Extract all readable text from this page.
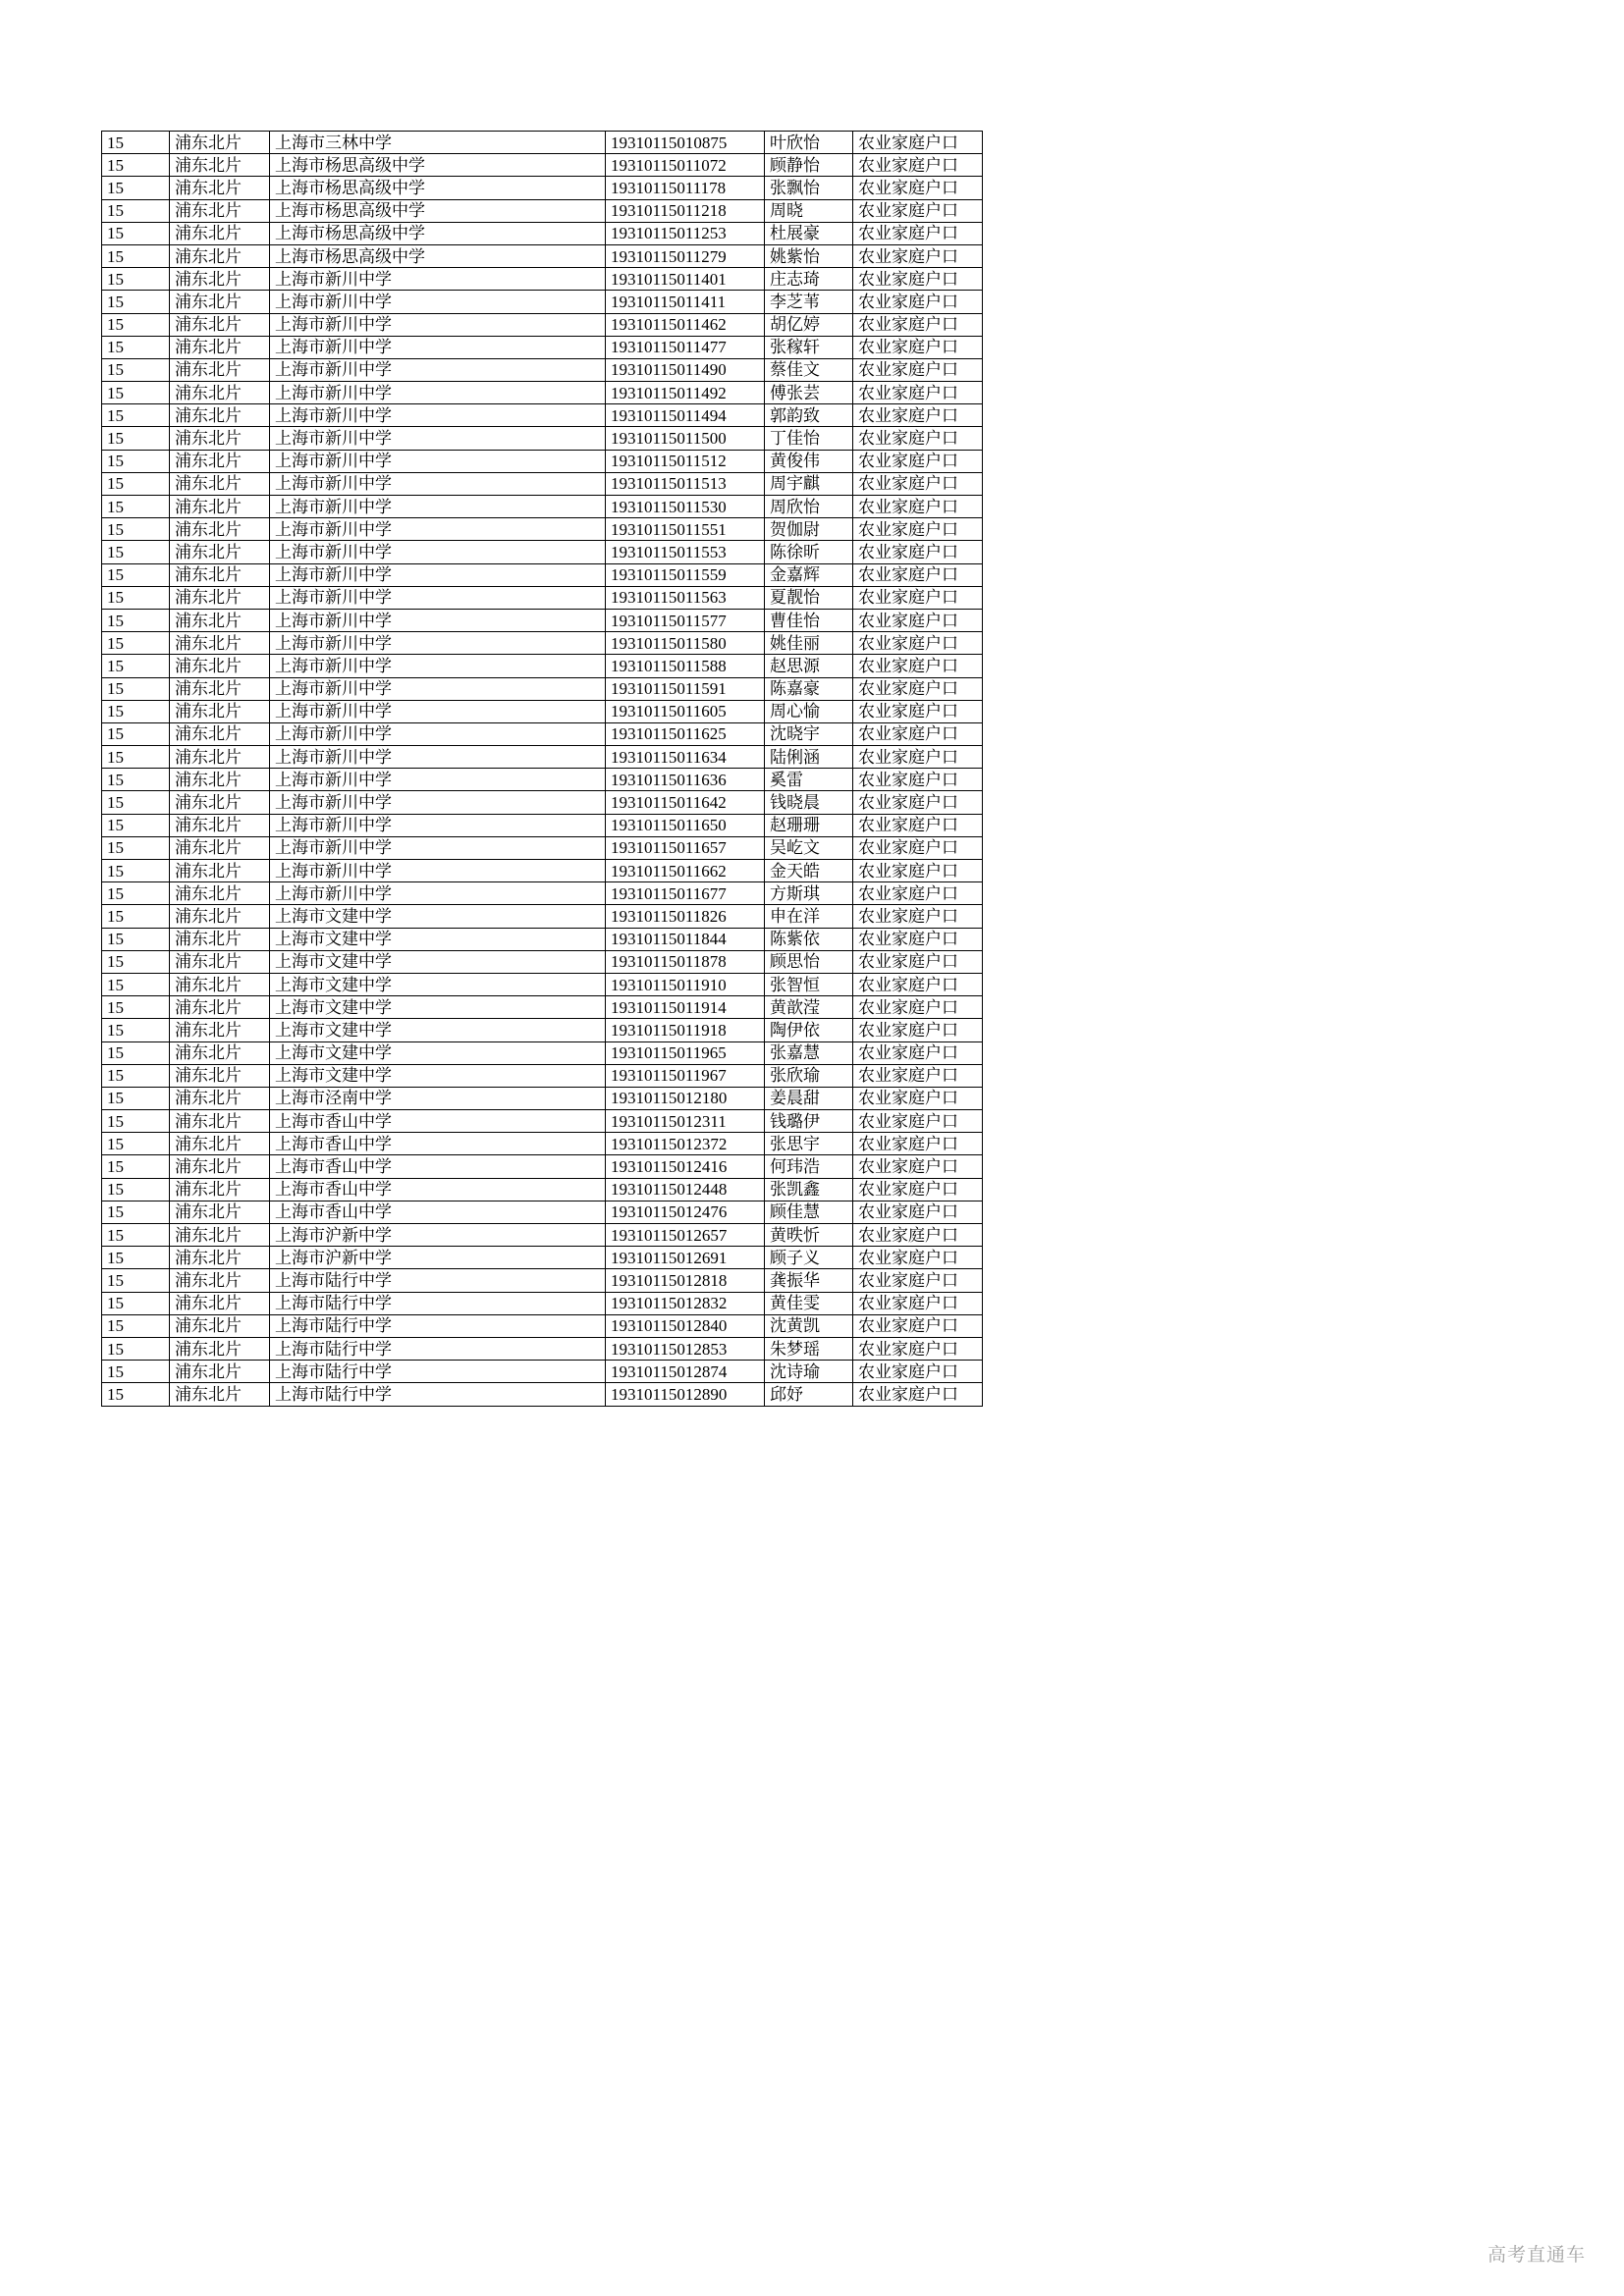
15	浦东北片	上海市三林中学	19310115010875	叶欣怡	农业家庭户口
15	浦东北片	上海市杨思高级中学	19310115011072	顾静怡	农业家庭户口
15	浦东北片	上海市杨思高级中学	19310115011178	张飘怡	农业家庭户口
15	浦东北片	上海市杨思高级中学	19310115011218	周晓	农业家庭户口
15	浦东北片	上海市杨思高级中学	19310115011253	杜展豪	农业家庭户口
15	浦东北片	上海市杨思高级中学	19310115011279	姚紫怡	农业家庭户口
15	浦东北片	上海市新川中学	19310115011401	庄志琦	农业家庭户口
15	浦东北片	上海市新川中学	19310115011411	李芝苇	农业家庭户口
15	浦东北片	上海市新川中学	19310115011462	胡亿婷	农业家庭户口
15	浦东北片	上海市新川中学	19310115011477	张稼轩	农业家庭户口
15	浦东北片	上海市新川中学	19310115011490	蔡佳文	农业家庭户口
15	浦东北片	上海市新川中学	19310115011492	傅张芸	农业家庭户口
15	浦东北片	上海市新川中学	19310115011494	郭韵致	农业家庭户口
15	浦东北片	上海市新川中学	19310115011500	丁佳怡	农业家庭户口
15	浦东北片	上海市新川中学	19310115011512	黄俊伟	农业家庭户口
15	浦东北片	上海市新川中学	19310115011513	周宇麒	农业家庭户口
15	浦东北片	上海市新川中学	19310115011530	周欣怡	农业家庭户口
15	浦东北片	上海市新川中学	19310115011551	贺伽尉	农业家庭户口
15	浦东北片	上海市新川中学	19310115011553	陈徐昕	农业家庭户口
15	浦东北片	上海市新川中学	19310115011559	金嘉辉	农业家庭户口
15	浦东北片	上海市新川中学	19310115011563	夏靓怡	农业家庭户口
15	浦东北片	上海市新川中学	19310115011577	曹佳怡	农业家庭户口
15	浦东北片	上海市新川中学	19310115011580	姚佳丽	农业家庭户口
15	浦东北片	上海市新川中学	19310115011588	赵思源	农业家庭户口
15	浦东北片	上海市新川中学	19310115011591	陈嘉豪	农业家庭户口
15	浦东北片	上海市新川中学	19310115011605	周心愉	农业家庭户口
15	浦东北片	上海市新川中学	19310115011625	沈晓宇	农业家庭户口
15	浦东北片	上海市新川中学	19310115011634	陆俐涵	农业家庭户口
15	浦东北片	上海市新川中学	19310115011636	奚雷	农业家庭户口
15	浦东北片	上海市新川中学	19310115011642	钱晓晨	农业家庭户口
15	浦东北片	上海市新川中学	19310115011650	赵珊珊	农业家庭户口
15	浦东北片	上海市新川中学	19310115011657	吴屹文	农业家庭户口
15	浦东北片	上海市新川中学	19310115011662	金天皓	农业家庭户口
15	浦东北片	上海市新川中学	19310115011677	方斯琪	农业家庭户口
15	浦东北片	上海市文建中学	19310115011826	申在洋	农业家庭户口
15	浦东北片	上海市文建中学	19310115011844	陈紫依	农业家庭户口
15	浦东北片	上海市文建中学	19310115011878	顾思怡	农业家庭户口
15	浦东北片	上海市文建中学	19310115011910	张智恒	农业家庭户口
15	浦东北片	上海市文建中学	19310115011914	黄歆滢	农业家庭户口
15	浦东北片	上海市文建中学	19310115011918	陶伊依	农业家庭户口
15	浦东北片	上海市文建中学	19310115011965	张嘉慧	农业家庭户口
15	浦东北片	上海市文建中学	19310115011967	张欣瑜	农业家庭户口
15	浦东北片	上海市泾南中学	19310115012180	姜晨甜	农业家庭户口
15	浦东北片	上海市香山中学	19310115012311	钱璐伊	农业家庭户口
15	浦东北片	上海市香山中学	19310115012372	张思宇	农业家庭户口
15	浦东北片	上海市香山中学	19310115012416	何玮浩	农业家庭户口
15	浦东北片	上海市香山中学	19310115012448	张凯鑫	农业家庭户口
15	浦东北片	上海市香山中学	19310115012476	顾佳慧	农业家庭户口
15	浦东北片	上海市沪新中学	19310115012657	黄昳忻	农业家庭户口
15	浦东北片	上海市沪新中学	19310115012691	顾子义	农业家庭户口
15	浦东北片	上海市陆行中学	19310115012818	龚振华	农业家庭户口
15	浦东北片	上海市陆行中学	19310115012832	黄佳雯	农业家庭户口
15	浦东北片	上海市陆行中学	19310115012840	沈黄凯	农业家庭户口
15	浦东北片	上海市陆行中学	19310115012853	朱梦瑶	农业家庭户口
15	浦东北片	上海市陆行中学	19310115012874	沈诗瑜	农业家庭户口
15	浦东北片	上海市陆行中学	19310115012890	邱妤	农业家庭户口
高考直通车
